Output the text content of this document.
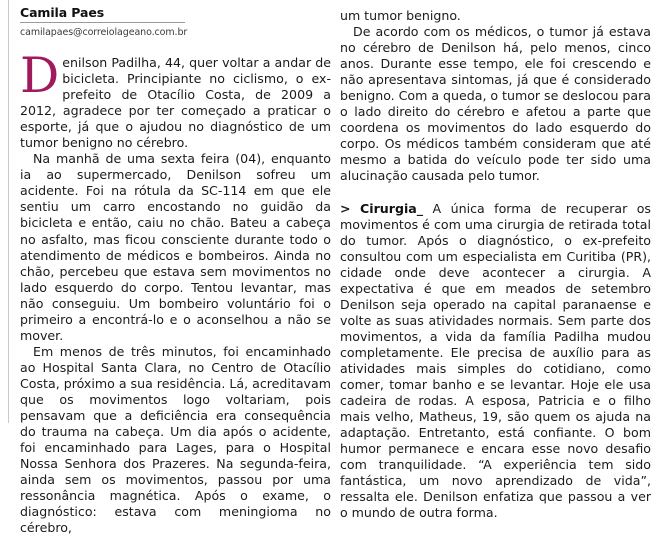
Camila Paes
camilapaes@correiolageano.com.br

Denilson Padilha, 44, quer voltar a andar de bicicleta. Principiante no ciclismo, o ex-prefeito de Otacílio Costa, de 2009 a 2012, agradece por ter começado a praticar o esporte, já que o ajudou no diagnóstico de um tumor benigno no cérebro.

Na manhã de uma sexta feira (04), enquanto ia ao supermercado, Denilson sofreu um acidente. Foi na rótula da SC-114 em que ele sentiu um carro encostando no guidão da bicicleta e então, caiu no chão. Bateu a cabeça no asfalto, mas ficou consciente durante todo o atendimento de médicos e bombeiros. Ainda no chão, percebeu que estava sem movimentos no lado esquerdo do corpo. Tentou levantar, mas não conseguiu. Um bombeiro voluntário foi o primeiro a encontrá-lo e o aconselhou a não se mover.

Em menos de três minutos, foi encaminhado ao Hospital Santa Clara, no Centro de Otacílio Costa, próximo a sua residência. Lá, acreditavam que os movimentos logo voltariam, pois pensavam que a deficiência era consequência do trauma na cabeça. Um dia após o acidente, foi encaminhado para Lages, para o Hospital Nossa Senhora dos Prazeres. Na segunda-feira, ainda sem os movimentos, passou por uma ressonância magnética. Após o exame, o diagnóstico: estava com meningioma no cérebro,

um tumor benigno.

De acordo com os médicos, o tumor já estava no cérebro de Denilson há, pelo menos, cinco anos. Durante esse tempo, ele foi crescendo e não apresentava sintomas, já que é considerado benigno. Com a queda, o tumor se deslocou para o lado direito do cérebro e afetou a parte que coordena os movimentos do lado esquerdo do corpo. Os médicos também consideram que até mesmo a batida do veículo pode ter sido uma alucinação causada pelo tumor.

> Cirurgia_ A única forma de recuperar os movimentos é com uma cirurgia de retirada total do tumor. Após o diagnóstico, o ex-prefeito consultou com um especialista em Curitiba (PR), cidade onde deve acontecer a cirurgia. A expectativa é que em meados de setembro Denilson seja operado na capital paranaense e volte as suas atividades normais. Sem parte dos movimentos, a vida da família Padilha mudou completamente. Ele precisa de auxílio para as atividades mais simples do cotidiano, como comer, tomar banho e se levantar. Hoje ele usa cadeira de rodas. A esposa, Patricia e o filho mais velho, Matheus, 19, são quem os ajuda na adaptação. Entretanto, está confiante. O bom humor permanece e encara esse novo desafio com tranquilidade. “A experiência tem sido fantástica, um novo aprendizado de vida”, ressalta ele. Denilson enfatiza que passou a ver o mundo de outra forma.
